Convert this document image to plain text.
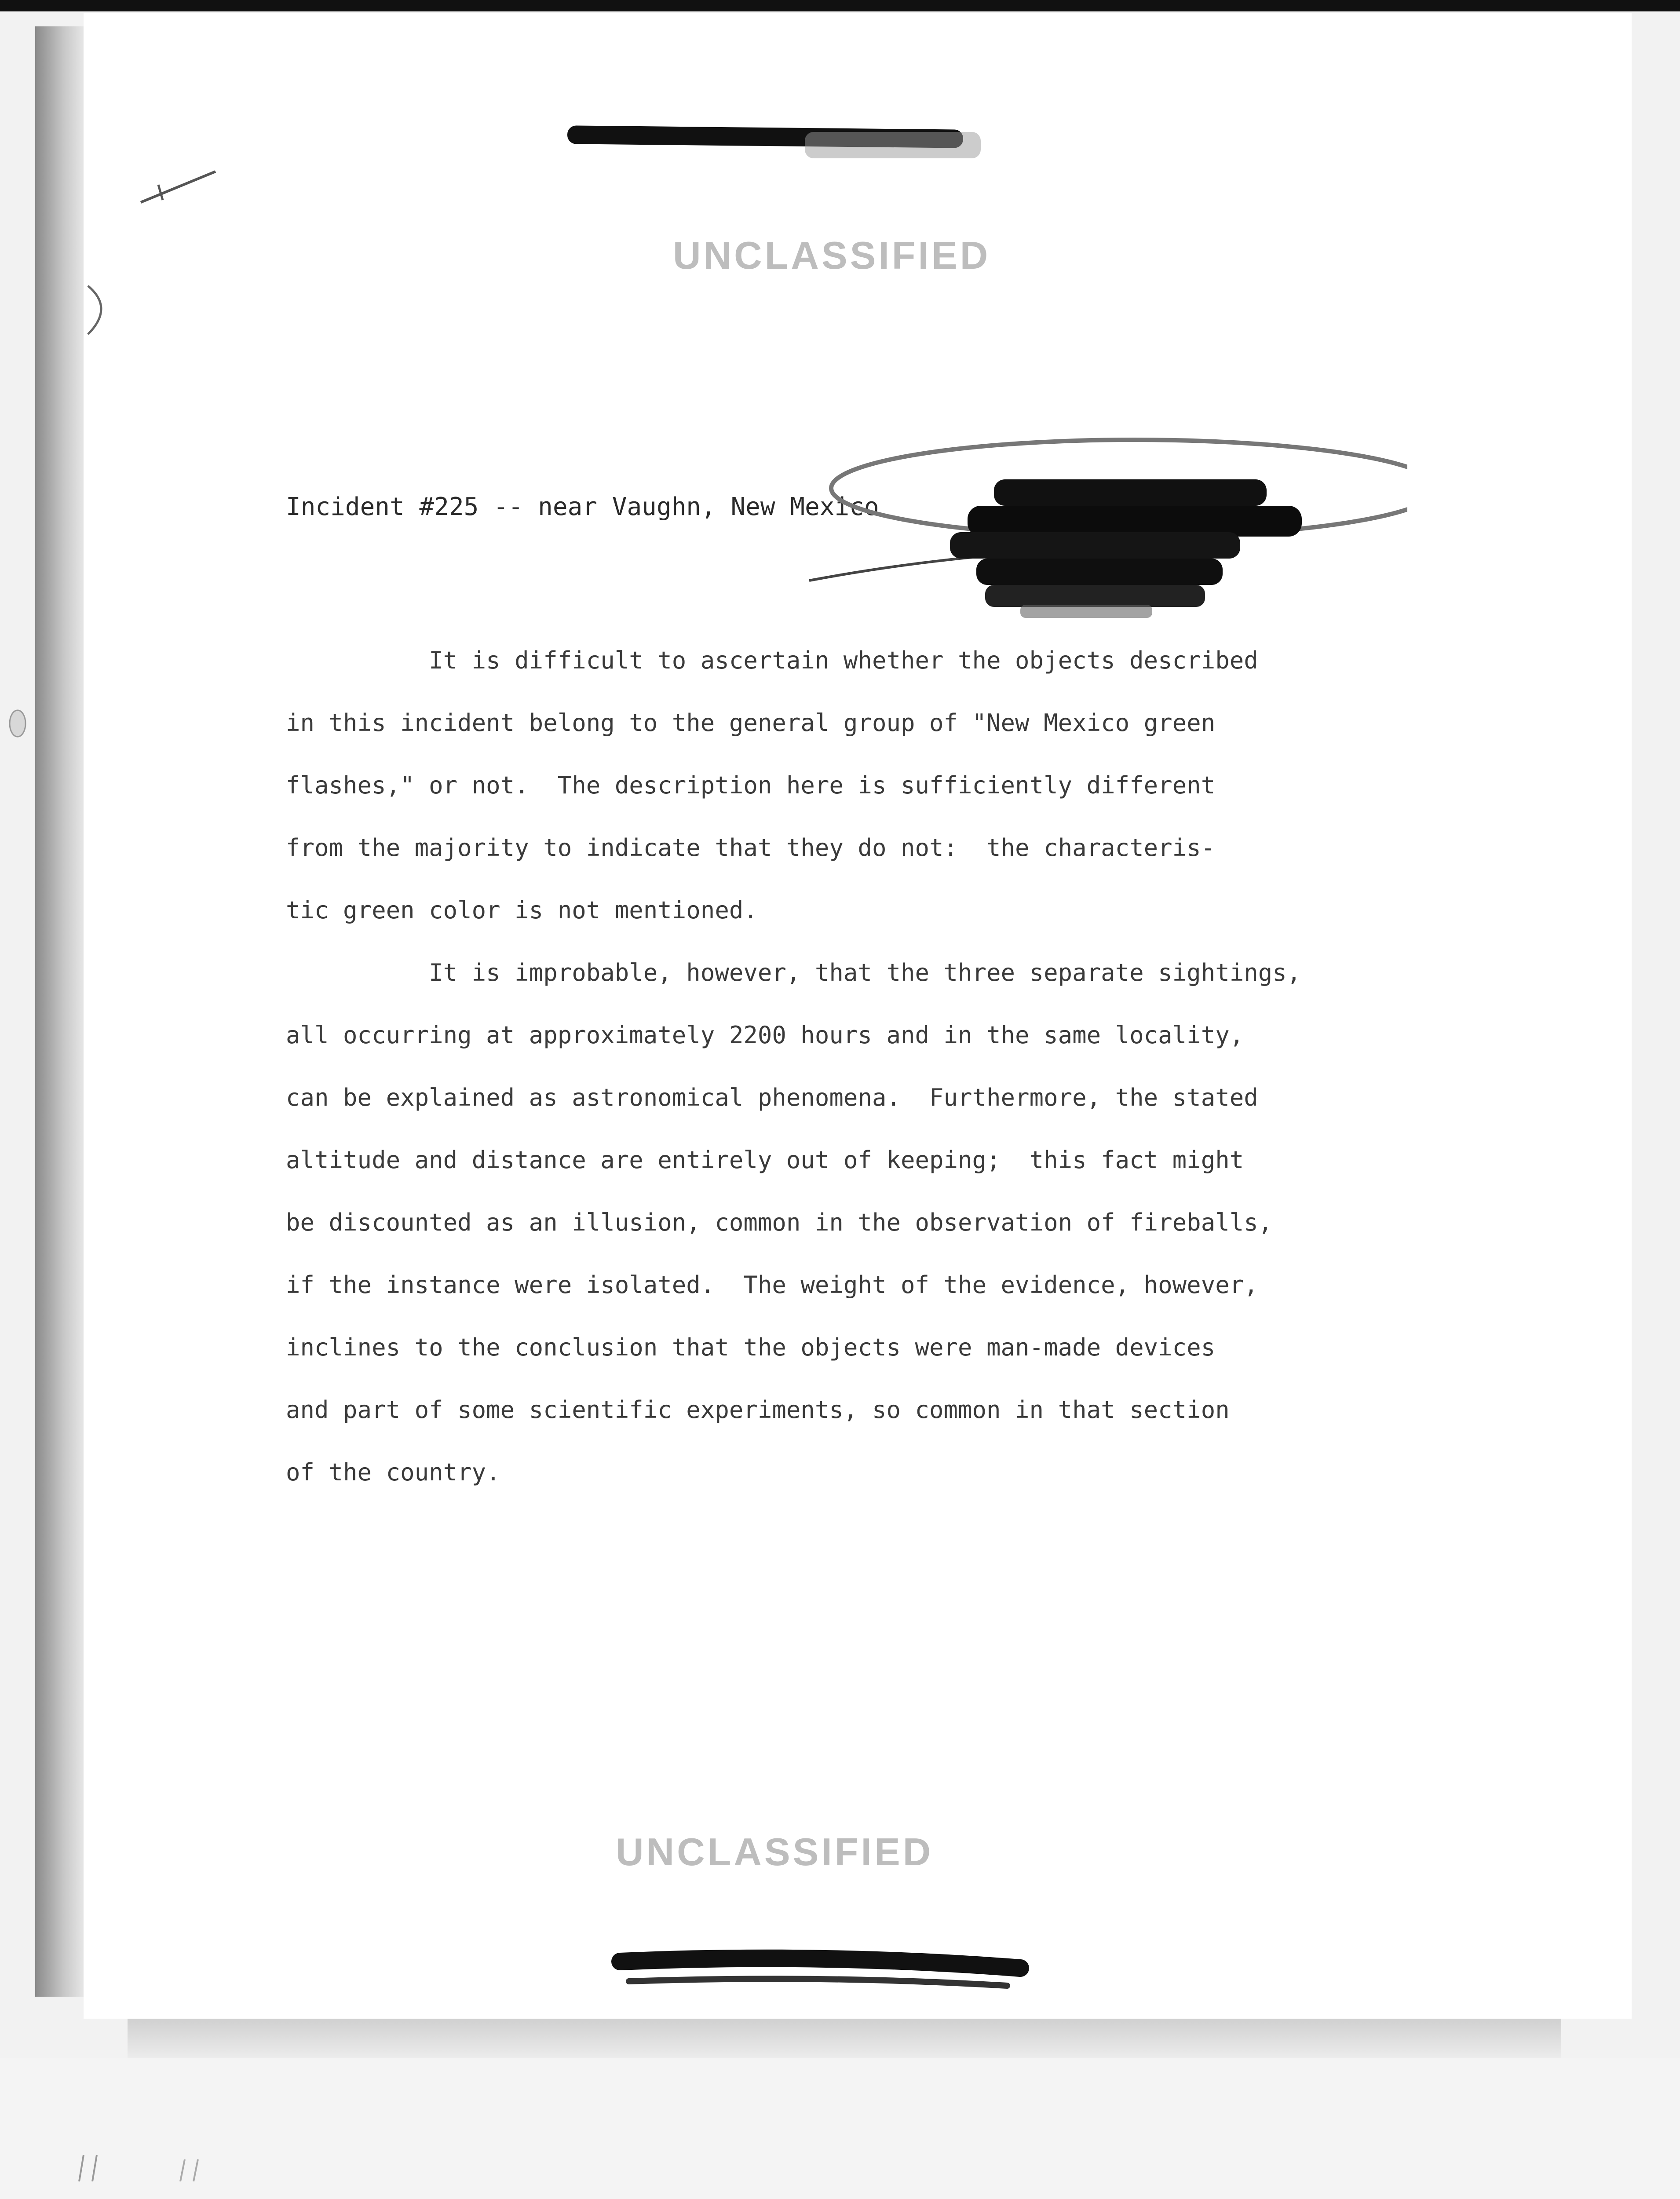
UNCLASSIFIED
Incident #225 -- near Vaughn, New Mexico
It is difficult to ascertain whether the objects described
in this incident belong to the general group of "New Mexico green
flashes," or not.  The description here is sufficiently different
from the majority to indicate that they do not:  the characteris-
tic green color is not mentioned.
It is improbable, however, that the three separate sightings,
all occurring at approximately 2200 hours and in the same locality,
can be explained as astronomical phenomena.  Furthermore, the stated
altitude and distance are entirely out of keeping;  this fact might
be discounted as an illusion, common in the observation of fireballs,
if the instance were isolated.  The weight of the evidence, however,
inclines to the conclusion that the objects were man-made devices
and part of some scientific experiments, so common in that section
of the country.
UNCLASSIFIED
